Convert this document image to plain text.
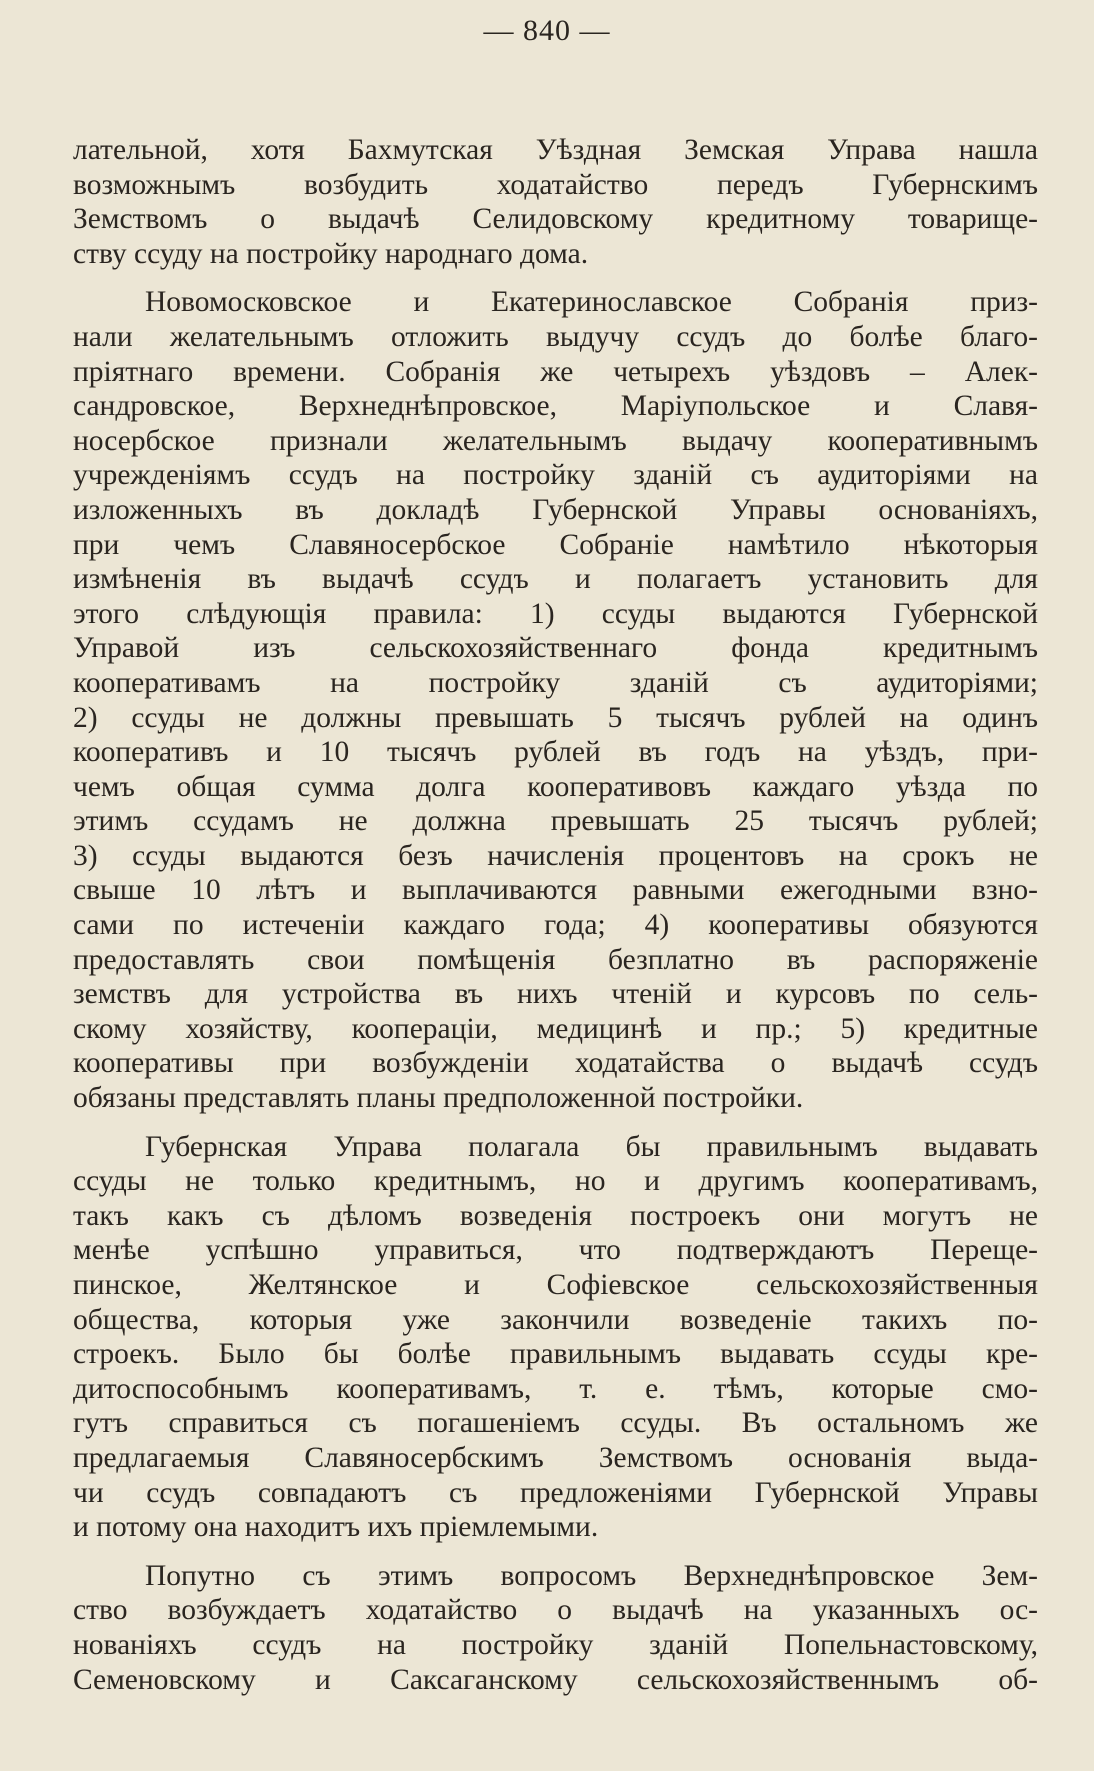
— 840 —
лательной, хотя Бахмутская Уѣздная Земская Управа нашла
возможнымъ возбудить ходатайство передъ Губернскимъ
Земствомъ о выдачѣ Селидовскому кредитному товарище-
ству ссуду на постройку народнаго дома.
Новомосковское и Екатеринославское Собранія приз-
нали желательнымъ отложить выдучу ссудъ до болѣе благо-
пріятнаго времени. Собранія же четырехъ уѣздовъ – Алек-
сандровское, Верхнеднѣпровское, Маріупольское и Славя-
носербское признали желательнымъ выдачу кооперативнымъ
учрежденіямъ ссудъ на постройку зданій съ аудиторіями на
изложенныхъ въ докладѣ Губернской Управы основаніяхъ,
при чемъ Славяносербское Собраніе намѣтило нѣкоторыя
измѣненія въ выдачѣ ссудъ и полагаетъ установить для
этого слѣдующія правила: 1) ссуды выдаются Губернской
Управой изъ сельскохозяйственнаго фонда кредитнымъ
кооперативамъ на постройку зданій съ аудиторіями;
2) ссуды не должны превышать 5 тысячъ рублей на одинъ
кооперативъ и 10 тысячъ рублей въ годъ на уѣздъ, при-
чемъ общая сумма долга кооперативовъ каждаго уѣзда по
этимъ ссудамъ не должна превышать 25 тысячъ рублей;
3) ссуды выдаются безъ начисленія процентовъ на срокъ не
свыше 10 лѣтъ и выплачиваются равными ежегодными взно-
сами по истеченіи каждаго года; 4) кооперативы обязуются
предоставлять свои помѣщенія безплатно въ распоряженіе
земствъ для устройства въ нихъ чтеній и курсовъ по сель-
скому хозяйству, коопераціи, медицинѣ и пр.; 5) кредитные
кооперативы при возбужденіи ходатайства о выдачѣ ссудъ
обязаны представлять планы предположенной постройки.
Губернская Управа полагала бы правильнымъ выдавать
ссуды не только кредитнымъ, но и другимъ кооперативамъ,
такъ какъ съ дѣломъ возведенія построекъ они могутъ не
менѣе успѣшно управиться, что подтверждаютъ Перещe-
пинское, Желтянское и Софіевское сельскохозяйственныя
общества, которыя уже закончили возведеніе такихъ по-
строекъ. Было бы болѣе правильнымъ выдавать ссуды кре-
дитоспособнымъ кооперативамъ, т. е. тѣмъ, которые смо-
гутъ справиться съ погашеніемъ ссуды. Въ остальномъ же
предлагаемыя Славяносербскимъ Земствомъ основанія выда-
чи ссудъ совпадаютъ съ предложеніями Губернской Управы
и потому она находитъ ихъ пріемлемыми.
Попутно съ этимъ вопросомъ Верхнеднѣпровское Зем-
ство возбуждаетъ ходатайство о выдачѣ на указанныхъ ос-
нованіяхъ ссудъ на постройку зданій Попельнастовскому,
Семеновскому и Саксаганскому сельскохозяйственнымъ об-
